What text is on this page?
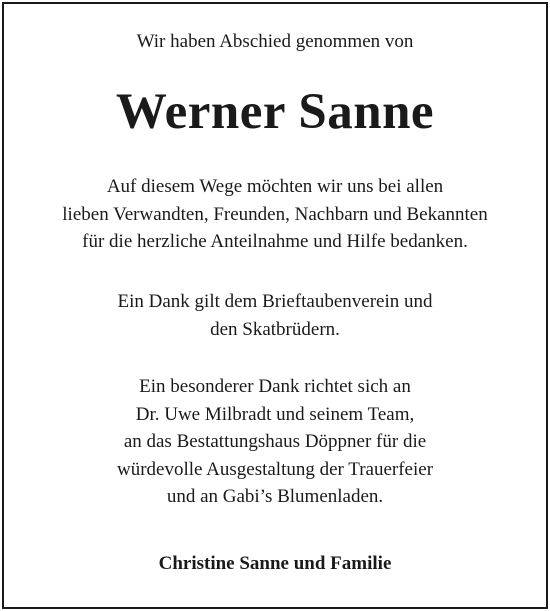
Wir haben Abschied genommen von
Werner Sanne
Auf diesem Wege möchten wir uns bei allen
lieben Verwandten, Freunden, Nachbarn und Bekannten
für die herzliche Anteilnahme und Hilfe bedanken.
Ein Dank gilt dem Brieftaubenverein und
den Skatbrüdern.
Ein besonderer Dank richtet sich an
Dr. Uwe Milbradt und seinem Team,
an das Bestattungshaus Döppner für die
würdevolle Ausgestaltung der Trauerfeier
und an Gabi’s Blumenladen.
Christine Sanne und Familie
